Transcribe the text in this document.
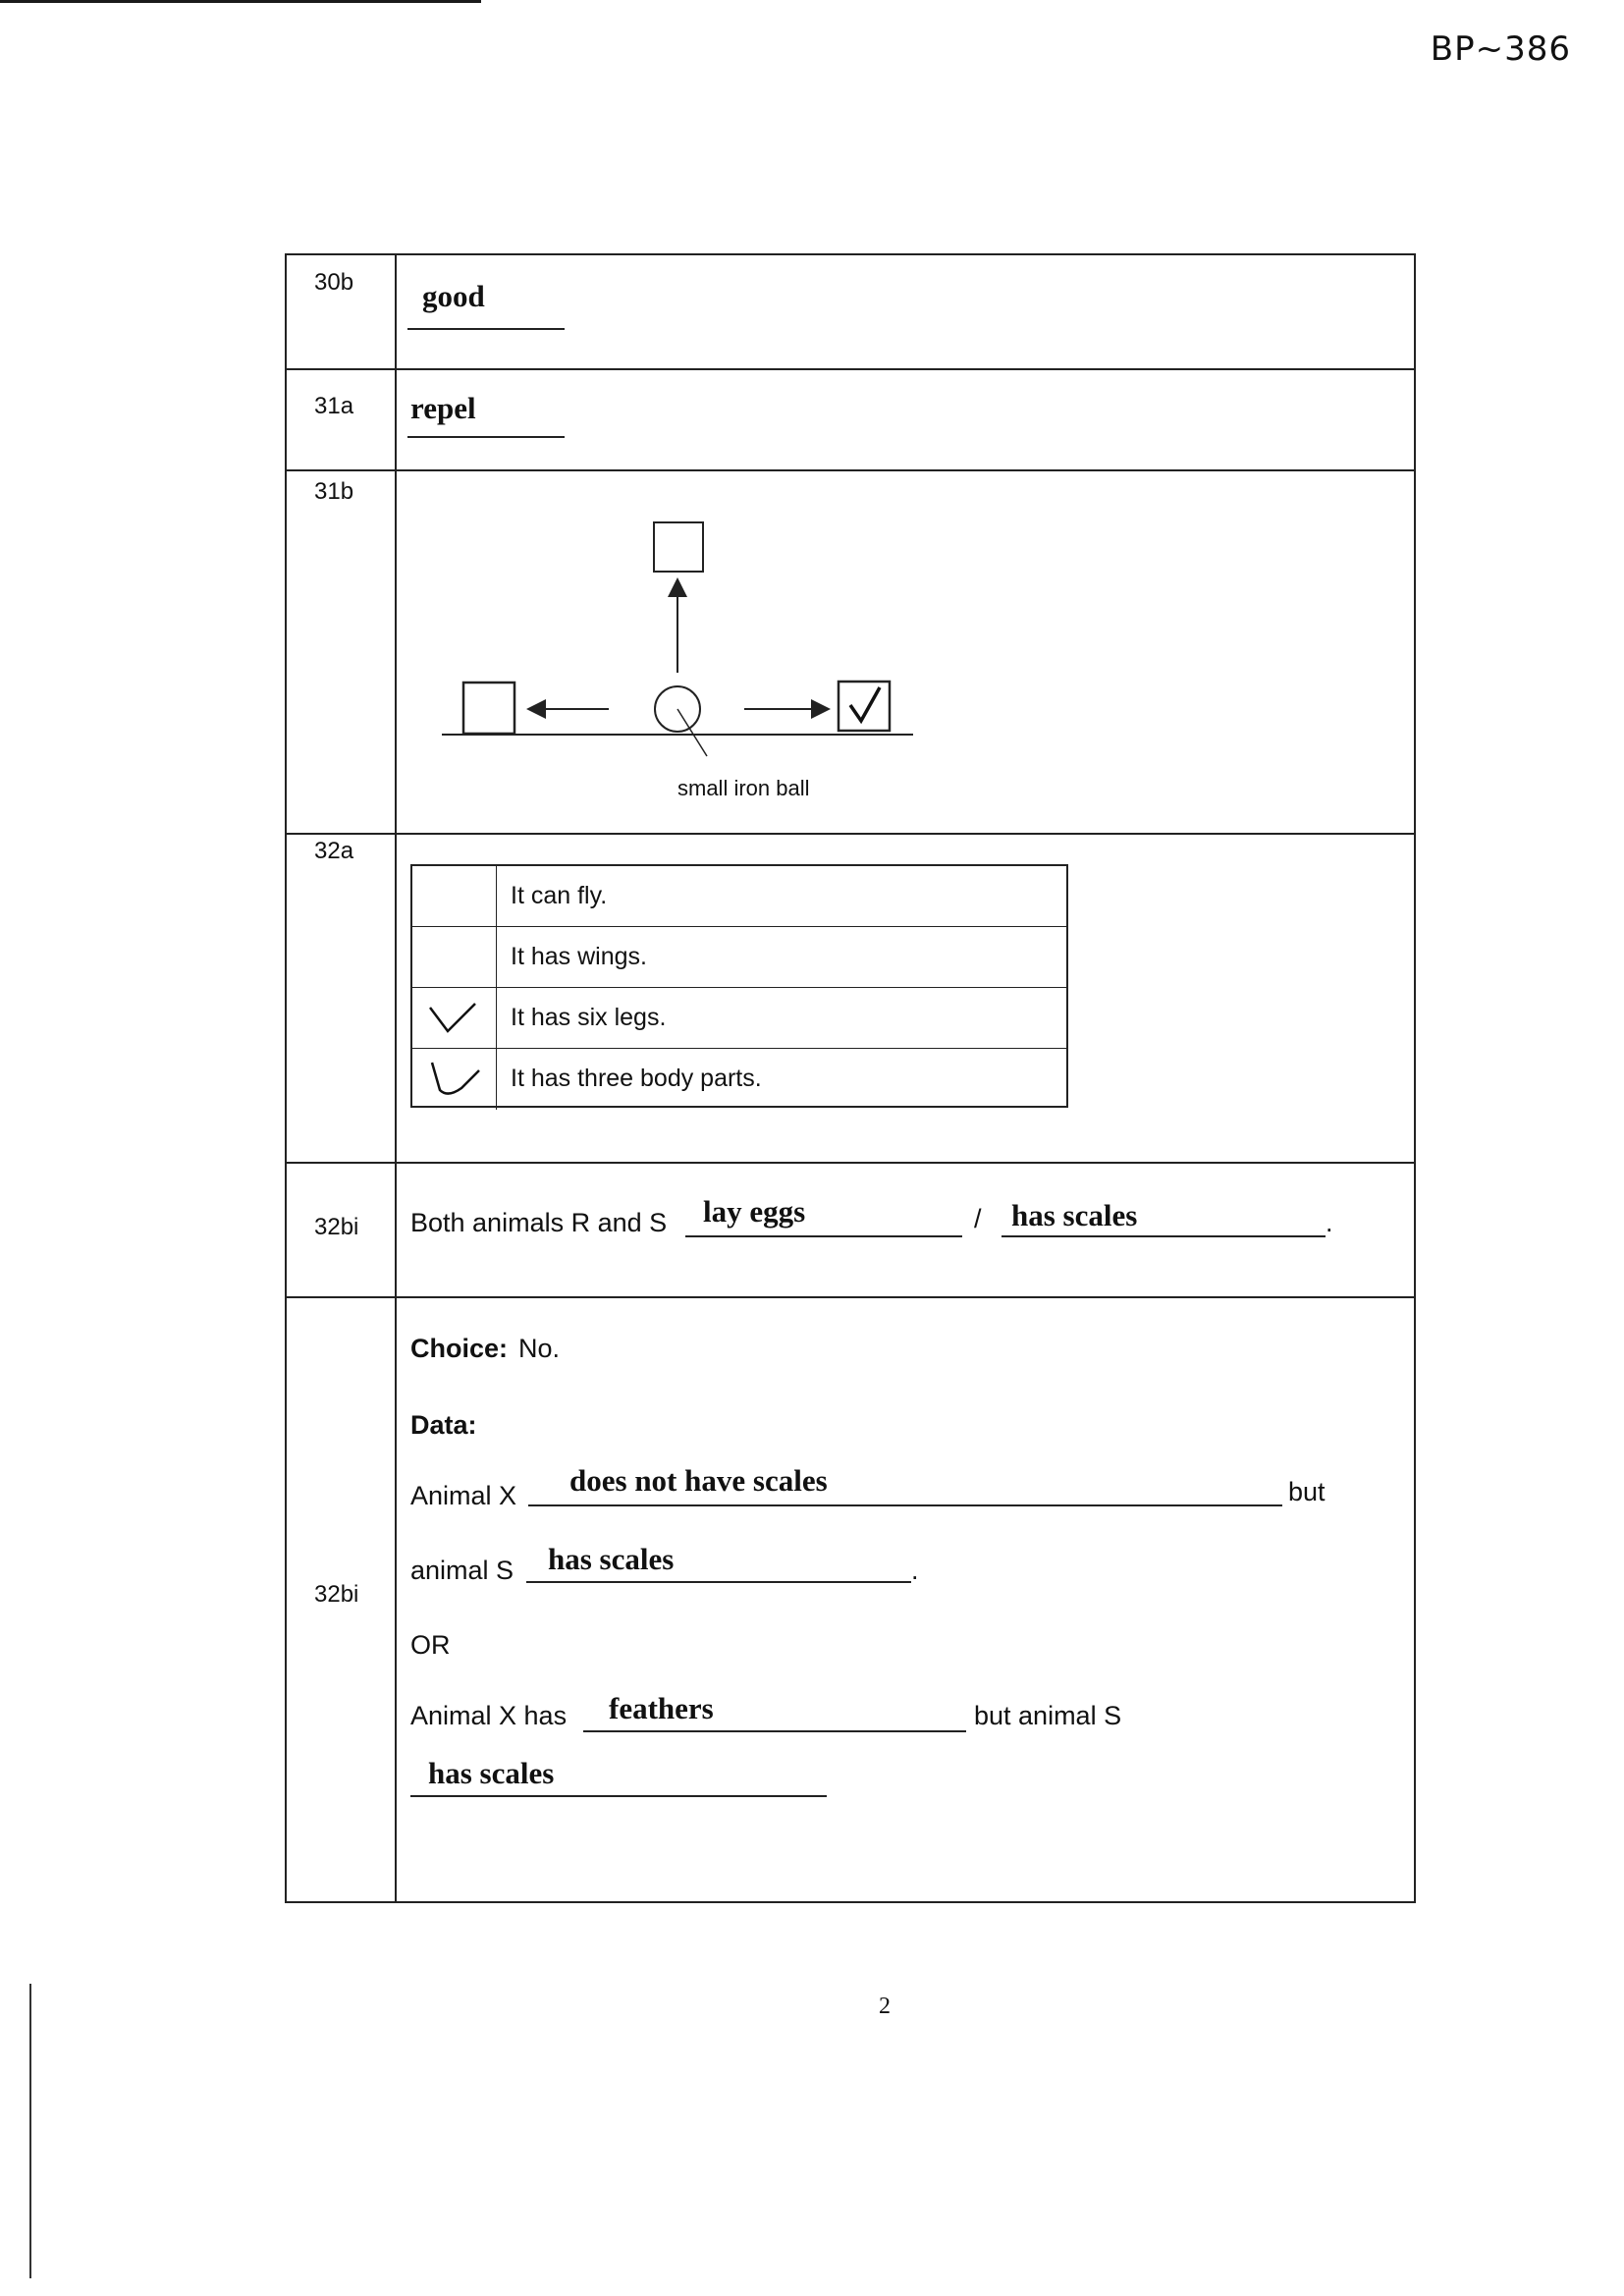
BP~386
30b good
31a repel
31b
small iron ball
32a
It can fly.
It has wings.
It has six legs.
It has three body parts.
32bi Both animals R and S lay eggs	/ has scales	.
32bi
Choice: No.
Data:
Animal X does not have scales	but
animal S has scales	.
OR
Animal X has feathers	but animal S
has scales
2
